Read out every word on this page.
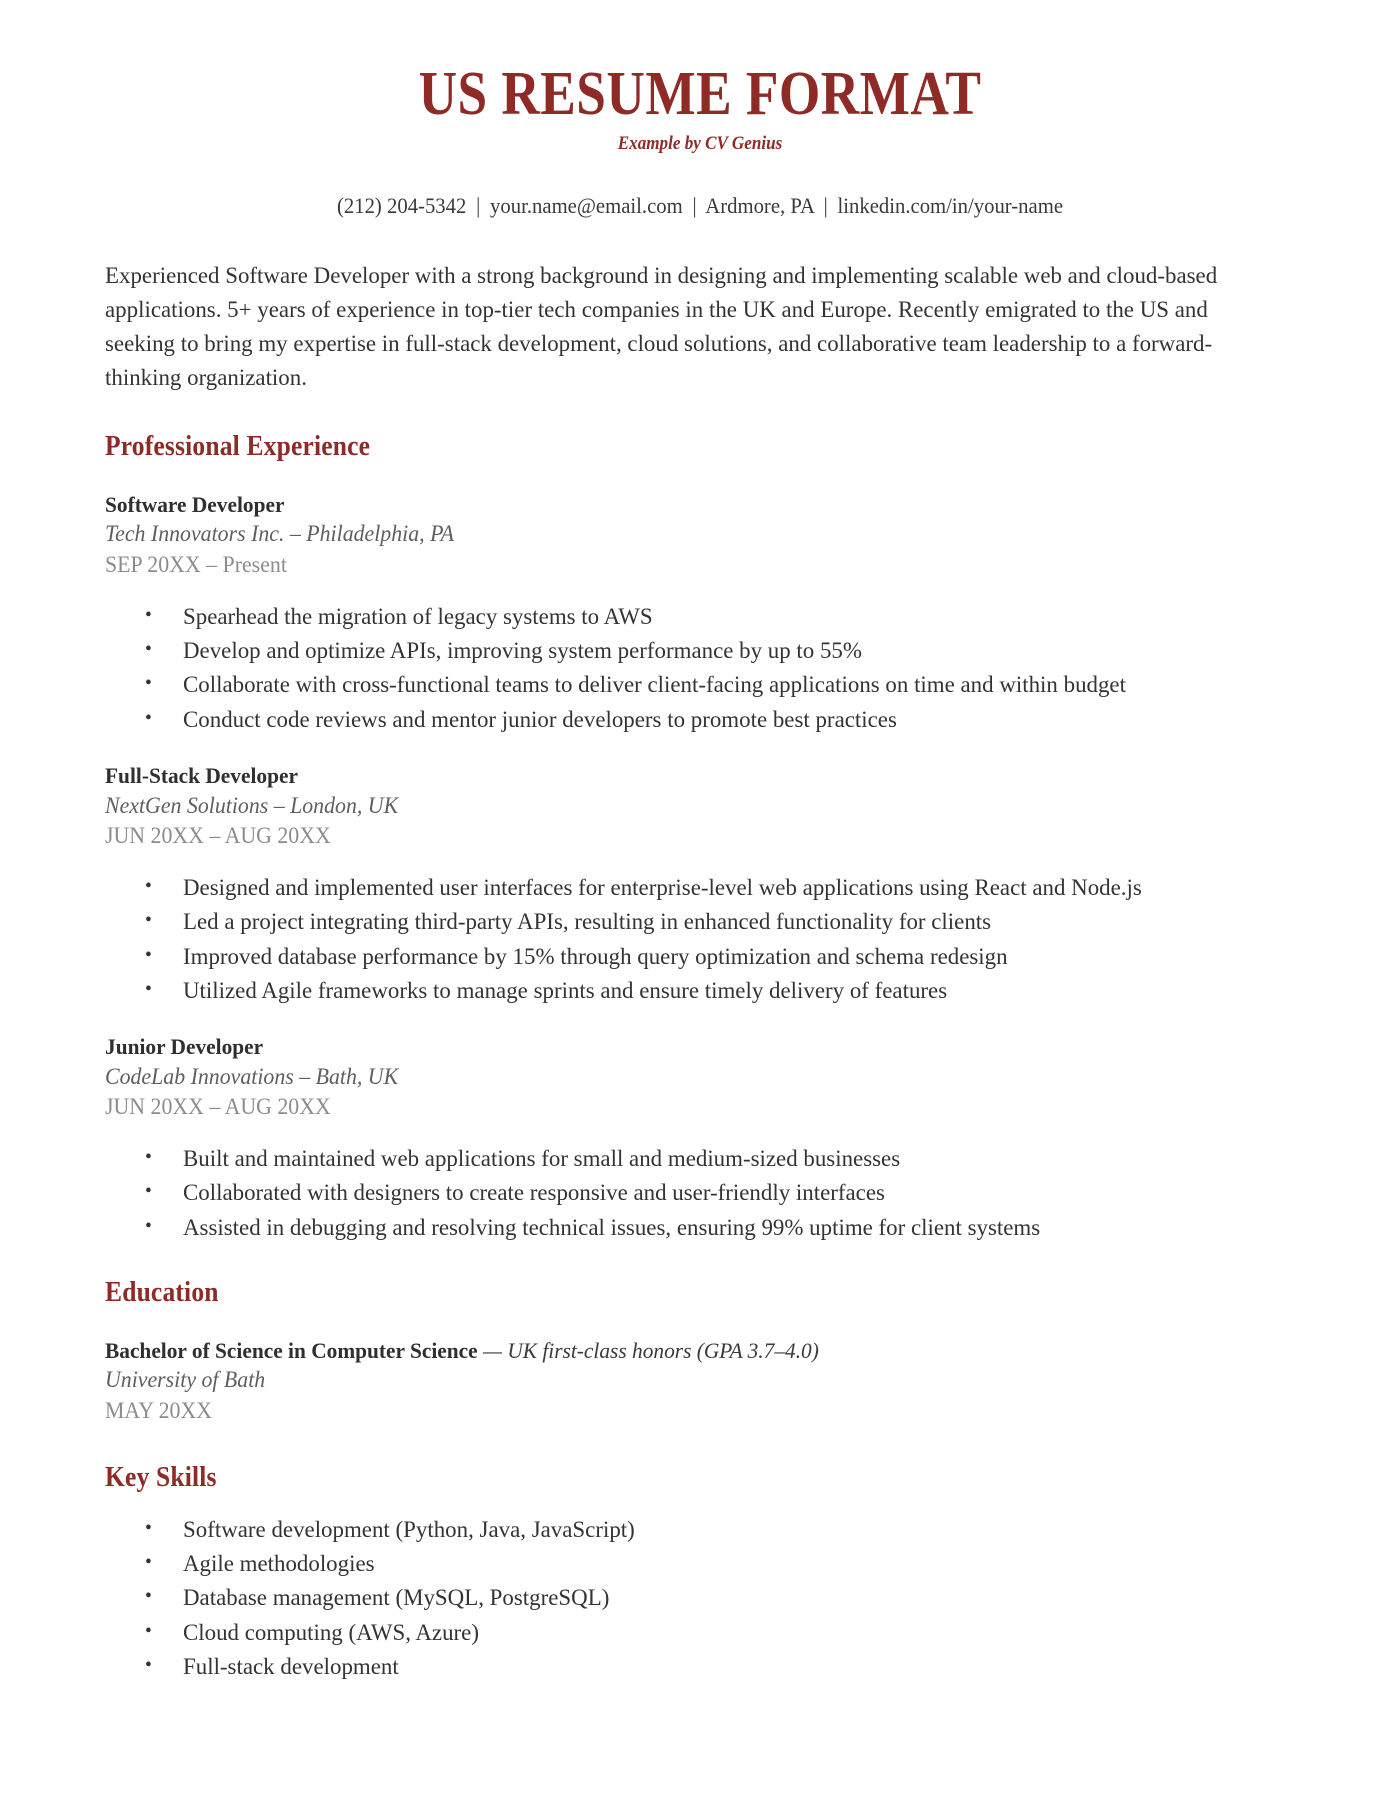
US RESUME FORMAT
Example by CV Genius
(212) 204-5342 | your.name@email.com | Ardmore, PA | linkedin.com/in/your-name
Experienced Software Developer with a strong background in designing and implementing scalable web and cloud-based applications. 5+ years of experience in top-tier tech companies in the UK and Europe. Recently emigrated to the US and seeking to bring my expertise in full-stack development, cloud solutions, and collaborative team leadership to a forward-thinking organization.
Professional Experience
Software Developer
Tech Innovators Inc. – Philadelphia, PA
SEP 20XX – Present
• Spearhead the migration of legacy systems to AWS
• Develop and optimize APIs, improving system performance by up to 55%
• Collaborate with cross-functional teams to deliver client-facing applications on time and within budget
• Conduct code reviews and mentor junior developers to promote best practices
Full-Stack Developer
NextGen Solutions – London, UK
JUN 20XX – AUG 20XX
• Designed and implemented user interfaces for enterprise-level web applications using React and Node.js
• Led a project integrating third-party APIs, resulting in enhanced functionality for clients
• Improved database performance by 15% through query optimization and schema redesign
• Utilized Agile frameworks to manage sprints and ensure timely delivery of features
Junior Developer
CodeLab Innovations – Bath, UK
JUN 20XX – AUG 20XX
• Built and maintained web applications for small and medium-sized businesses
• Collaborated with designers to create responsive and user-friendly interfaces
• Assisted in debugging and resolving technical issues, ensuring 99% uptime for client systems
Education
Bachelor of Science in Computer Science — UK first-class honors (GPA 3.7–4.0)
University of Bath
MAY 20XX
Key Skills
• Software development (Python, Java, JavaScript)
• Agile methodologies
• Database management (MySQL, PostgreSQL)
• Cloud computing (AWS, Azure)
• Full-stack development
